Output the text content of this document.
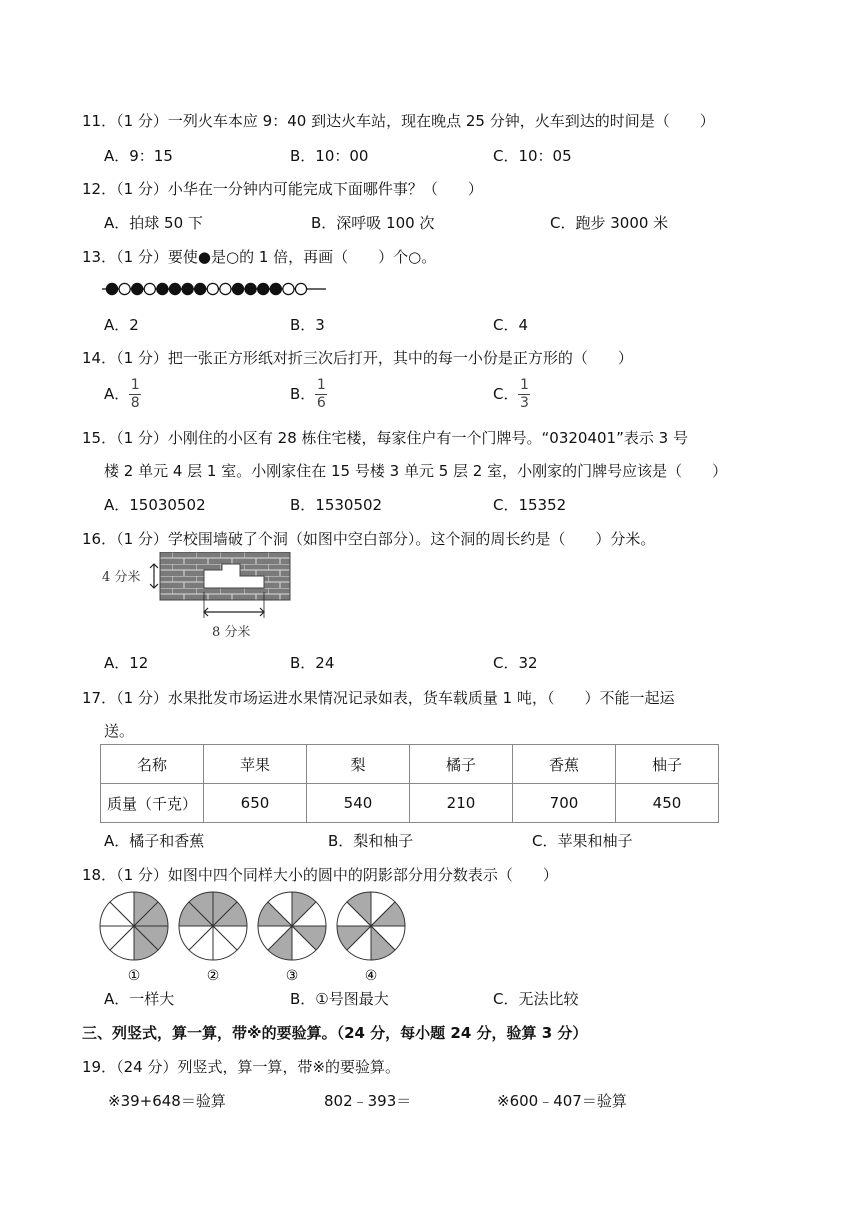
11．（1 分）一列火车本应 9：40 到达火车站，现在晚点 25 分钟，火车到达的时间是（　　）
A．9：15	B．10：00	C．10：05
12．（1 分）小华在一分钟内可能完成下面哪件事？（　　）
A．拍球 50 下	B．深呼吸 100 次	C．跑步 3000 米
13．（1 分）要使●是○的 1 倍，再画（　　）个○。
A．2	B．3	C．4
14．（1 分）把一张正方形纸对折三次后打开，其中的每一小份是正方形的（　　）
A． $\frac{1}{8}$	B． $\frac{1}{6}$	C． $\frac{1}{3}$
15．（1 分）小刚住的小区有 28 栋住宅楼，每家住户有一个门牌号。“0320401”表示 3 号
楼 2 单元 4 层 1 室。小刚家住在 15 号楼 3 单元 5 层 2 室，小刚家的门牌号应该是（　　）
A．15030502	B．1530502	C．15352
16．（1 分）学校围墙破了个洞（如图中空白部分）。这个洞的周长约是（　　）分米。
4 分米
8 分米
A．12	B．24	C．32
17．（1 分）水果批发市场运进水果情况记录如表，货车载质量 1 吨，（　　）不能一起运
送。
名称	苹果	梨	橘子	香蕉	柚子
质量（千克）	650	540	210	700	450
A．橘子和香蕉	B．梨和柚子	C．苹果和柚子
18．（1 分）如图中四个同样大小的圆中的阴影部分用分数表示（　　）
①	②	③	④
A．一样大	B．①号图最大	C．无法比较
三、列竖式，算一算，带※的要验算。（24 分，每小题 24 分，验算 3 分）
19．（24 分）列竖式，算一算，带※的要验算。
※39+648＝验算	802﹣393＝	※600﹣407＝验算
